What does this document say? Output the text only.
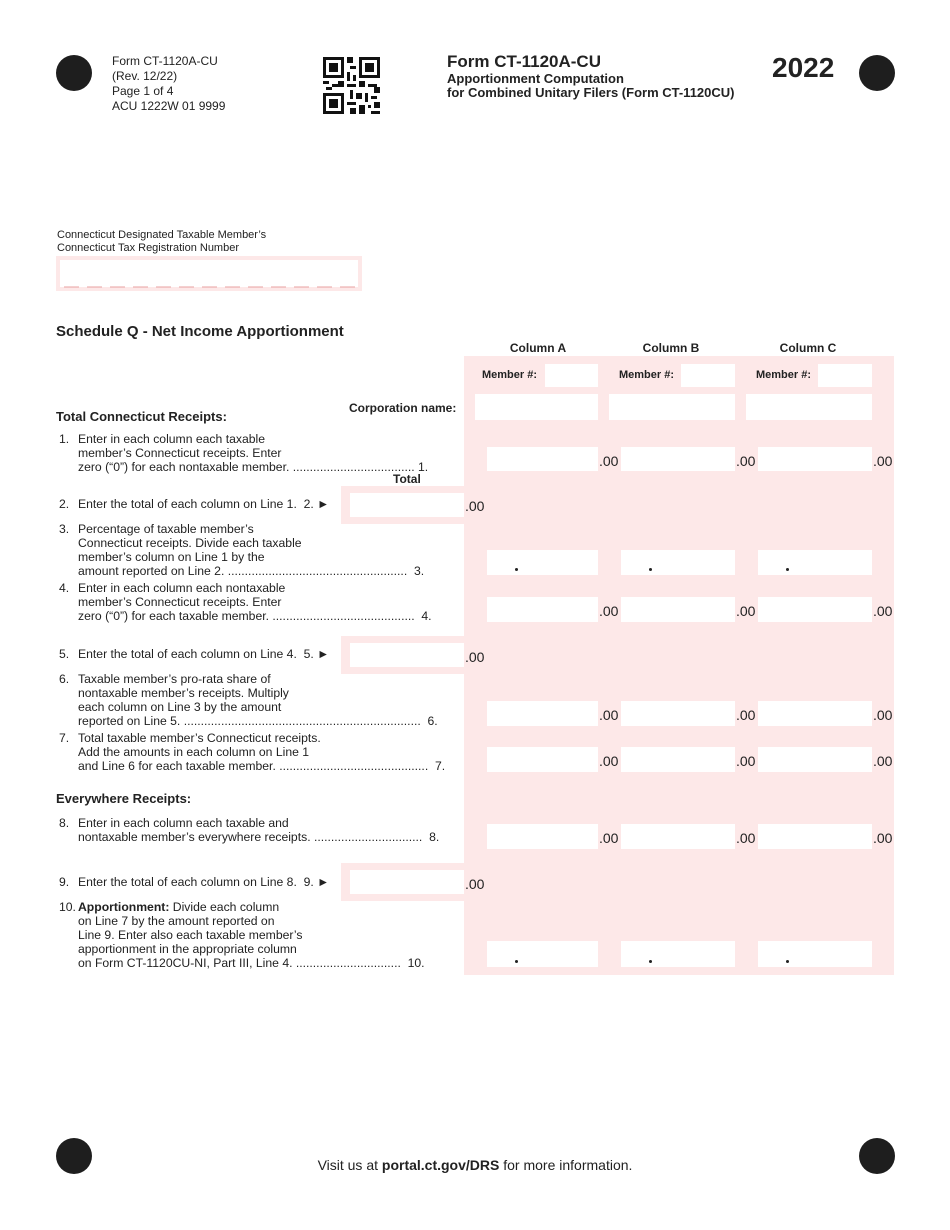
Form CT-1120A-CU
(Rev. 12/22)
Page 1 of 4
ACU 1222W 01 9999
Form CT-1120A-CU
Apportionment Computation
for Combined Unitary Filers (Form CT-1120CU)
2022
Connecticut Designated Taxable Member’s
Connecticut Tax Registration Number
Schedule Q - Net Income Apportionment
Column A	Column B	Column C
Member #:	Member #:	Member #:
Corporation name:
Total Connecticut Receipts:
1. Enter in each column each taxable
member’s Connecticut receipts. Enter
zero (“0”) for each nontaxable member. .................................... 1.	.00	.00	.00
Total
2. Enter the total of each column on Line 1.  2. ►	.00
3. Percentage of taxable member’s
Connecticut receipts. Divide each taxable
member’s column on Line 1 by the
amount reported on Line 2. .....................................................  3.
4. Enter in each column each nontaxable
member’s Connecticut receipts. Enter
zero (“0”) for each taxable member. ..........................................  4.	.00	.00	.00
5. Enter the total of each column on Line 4.  5. ►	.00
6. Taxable member’s pro-rata share of
nontaxable member’s receipts. Multiply
each column on Line 3 by the amount
reported on Line 5. ......................................................................  6.	.00	.00	.00
7. Total taxable member’s Connecticut receipts.
Add the amounts in each column on Line 1
and Line 6 for each taxable member. ............................................  7.	.00	.00	.00
Everywhere Receipts:
8. Enter in each column each taxable and
nontaxable member’s everywhere receipts. ................................  8.	.00	.00	.00
9. Enter the total of each column on Line 8.  9. ►	.00
10. Apportionment: Divide each column
on Line 7 by the amount reported on
Line 9. Enter also each taxable member’s
apportionment in the appropriate column
on Form CT-1120CU-NI, Part III, Line 4. ...............................  10.
Visit us at portal.ct.gov/DRS for more information.
